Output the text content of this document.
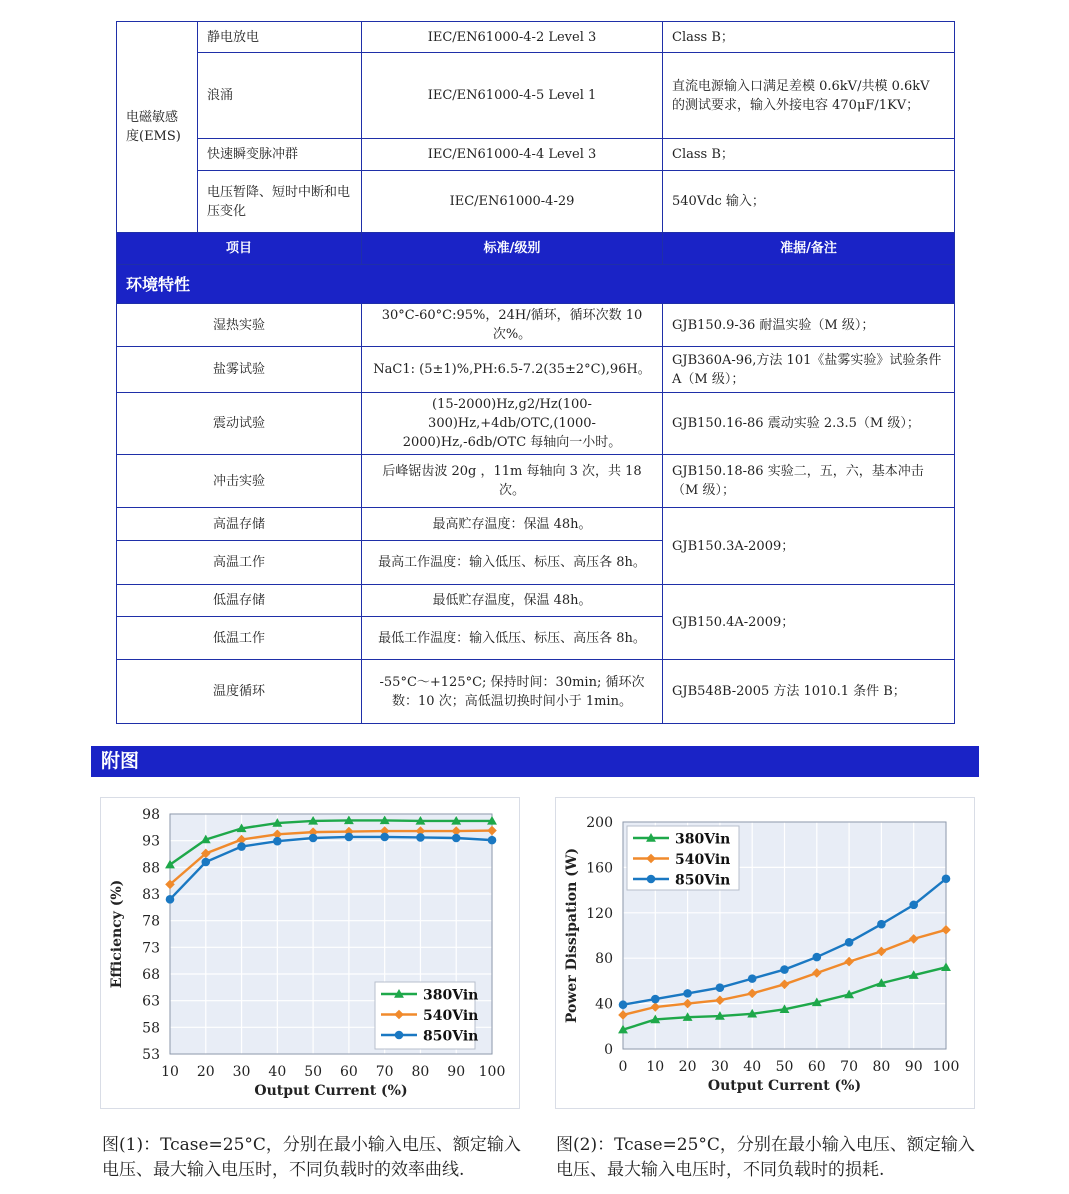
电磁敏感度(EMS)	静电放电	IEC/EN61000-4-2 Level 3	Class B；
	浪涌	IEC/EN61000-4-5 Level 1	直流电源输入口满足差模 0.6kV/共模 0.6kV 的测试要求，输入外接电容 470μF/1KV；
	快速瞬变脉冲群	IEC/EN61000-4-4 Level 3	Class B；
	电压暂降、短时中断和电压变化	IEC/EN61000-4-29	540Vdc 输入；
项目		标准/级别	准据/备注
环境特性			
湿热实验		30°C-60°C:95%，24H/循环，循环次数 10 次%。	GJB150.9-36 耐温实验（M 级）；
盐雾试验		NaC1: (5±1)%,PH:6.5-7.2(35±2°C),96H。	GJB360A-96,方法 101《盐雾实验》试验条件 A（M 级）；
震动试验		(15-2000)Hz,g2/Hz(100-300)Hz,+4db/OTC,(1000-2000)Hz,-6db/OTC 每轴向一小时。	GJB150.16-86 震动实验 2.3.5（M 级）；
冲击实验		后峰锯齿波 20g ，11m 每轴向 3 次，共 18 次。	GJB150.18-86 实验二，五，六，基本冲击（M 级）；
高温存储		最高贮存温度：保温 48h。	GJB150.3A-2009；
高温工作		最高工作温度：输入低压、标压、高压各 8h。	
低温存储		最低贮存温度，保温 48h。	GJB150.4A-2009；
低温工作		最低工作温度：输入低压、标压、高压各 8h。	
温度循环		-55°C～+125°C; 保持时间：30min; 循环次数：10 次；高低温切换时间小于 1min。	GJB548B-2005 方法 1010.1 条件 B；
附图
53
58
63
68
73
78
83
88
93
98
10 20 30 40 50 60 70 80 90 100
Output Current (%)
Efficiency (%)
380Vin
540Vin
850Vin
0
40
80
120
160
200
0 10 20 30 40 50 60 70 80 90 100
Output Current (%)
Power Dissipation (W)
380Vin
540Vin
850Vin
图(1)：Tcase=25°C，分别在最小输入电压、额定输入电压、最大输入电压时，不同负载时的效率曲线.
图(2)：Tcase=25°C，分别在最小输入电压、额定输入电压、最大输入电压时，不同负载时的损耗.
